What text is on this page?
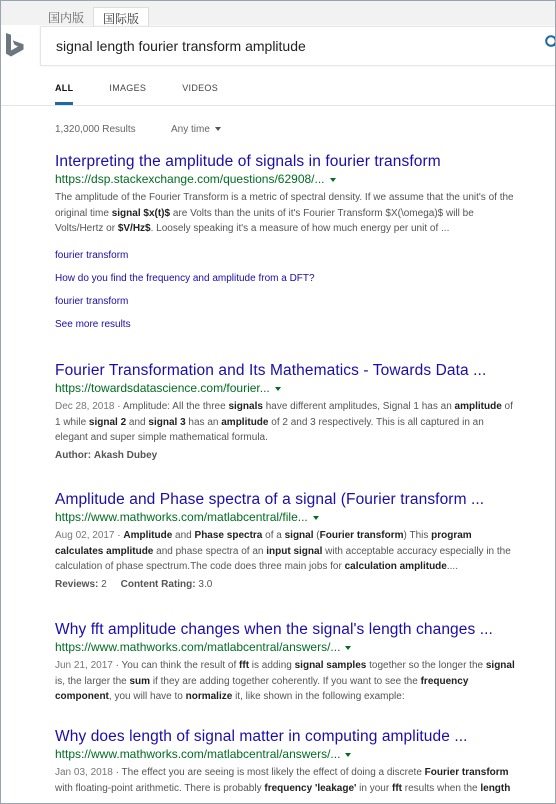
国内版	国际版
signal length fourier transform amplitude
ALL	IMAGES	VIDEOS
1,320,000 Results	Any time
Interpreting the amplitude of signals in fourier transform
https://dsp.stackexchange.com/questions/62908/...
The amplitude of the Fourier Transform is a metric of spectral density. If we assume that the unit's of the
original time signal $x(t)$ are Volts than the units of it's Fourier Transform $X(\omega)$ will be
Volts/Hertz or $V/Hz$. Loosely speaking it's a measure of how much energy per unit of ...
fourier transform
How do you find the frequency and amplitude from a DFT?
fourier transform
See more results
Fourier Transformation and Its Mathematics - Towards Data ...
https://towardsdatascience.com/fourier...
Dec 28, 2018 · Amplitude: All the three signals have different amplitudes, Signal 1 has an amplitude of
1 while signal 2 and signal 3 has an amplitude of 2 and 3 respectively. This is all captured in an
elegant and super simple mathematical formula.
Author: Akash Dubey
Amplitude and Phase spectra of a signal (Fourier transform ...
https://www.mathworks.com/matlabcentral/file...
Aug 02, 2017 · Amplitude and Phase spectra of a signal (Fourier transform) This program
calculates amplitude and phase spectra of an input signal with acceptable accuracy especially in the
calculation of phase spectrum.The code does three main jobs for calculation amplitude....
Reviews: 2 Content Rating: 3.0
Why fft amplitude changes when the signal's length changes ...
https://www.mathworks.com/matlabcentral/answers/...
Jun 21, 2017 · You can think the result of fft is adding signal samples together so the longer the signal
is, the larger the sum if they are adding together coherently. If you want to see the frequency
component, you will have to normalize it, like shown in the following example:
Why does length of signal matter in computing amplitude ...
https://www.mathworks.com/matlabcentral/answers/...
Jan 03, 2018 · The effect you are seeing is most likely the effect of doing a discrete Fourier transform
with floating-point arithmetic. There is probably frequency 'leakage' in your fft results when the length
